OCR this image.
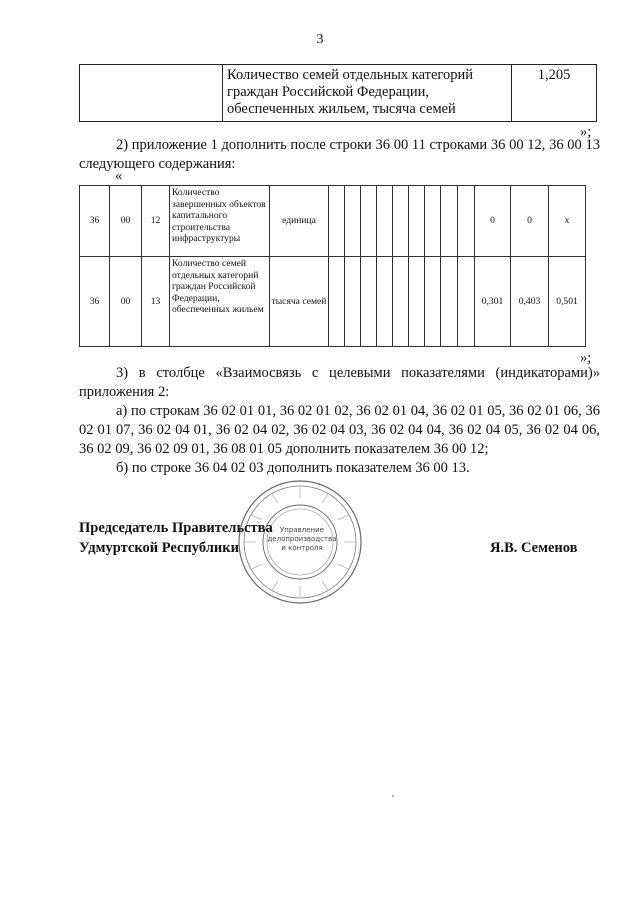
3
	Количество семей отдельных категорий граждан Российской Федерации, обеспеченных жильем, тысяча семей	1,205
»;
2) приложение 1 дополнить после строки 36 00 11 строками 36 00 12, 36 00 13 следующего содержания:
«
36	00	12	Количество завершенных объектов капитального строительства инфраструктуры	единица										0	0	x
36	00	13	Количество семей отдельных категорий граждан Российской Федерации, обеспеченных жильем	тысяча семей										0,301	0,403	0,501
»;
3) в столбце «Взаимосвязь с целевыми показателями (индикаторами)» приложения 2:
а) по строкам 36 02 01 01, 36 02 01 02, 36 02 01 04, 36 02 01 05, 36 02 01 06, 36 02 01 07, 36 02 04 01, 36 02 04 02, 36 02 04 03, 36 02 04 04, 36 02 04 05, 36 02 04 06, 36 02 09, 36 02 09 01, 36 08 01 05 дополнить показателем 36 00 12;
б) по строке 36 04 02 03 дополнить показателем 36 00 13.
Управление
делопроизводства
и контроля
Председатель Правительства
Удмуртской Республики	Я.В. Семенов
